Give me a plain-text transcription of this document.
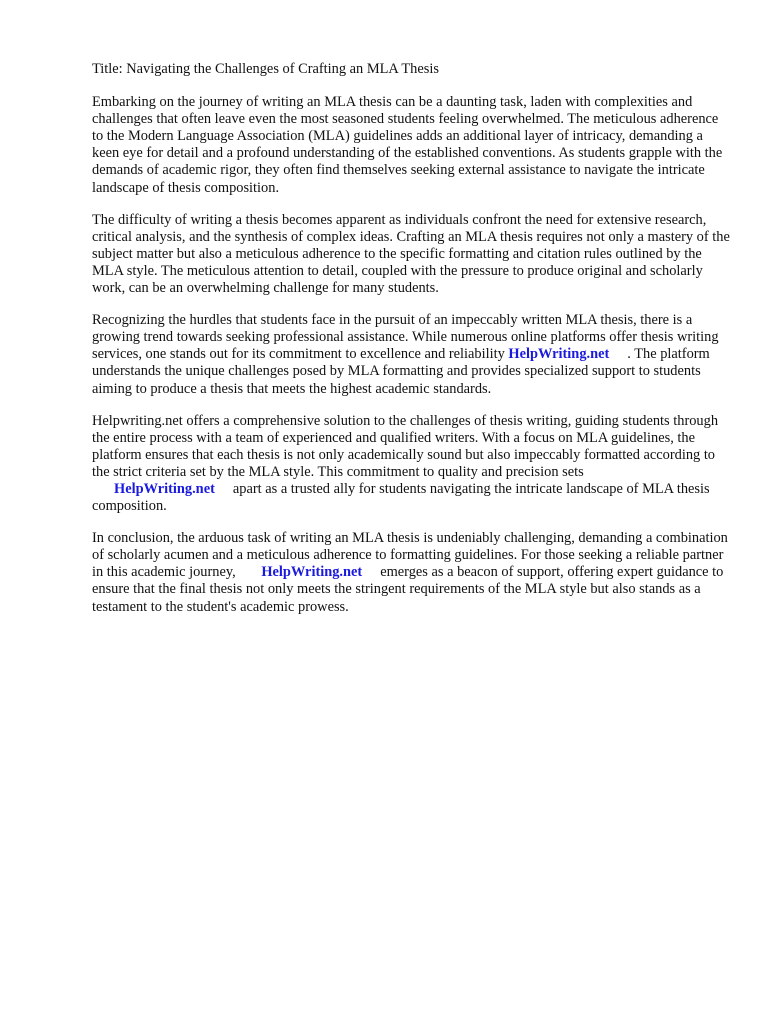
Title: Navigating the Challenges of Crafting an MLA Thesis

Embarking on the journey of writing an MLA thesis can be a daunting task, laden with complexities and challenges that often leave even the most seasoned students feeling overwhelmed. The meticulous adherence to the Modern Language Association (MLA) guidelines adds an additional layer of intricacy, demanding a keen eye for detail and a profound understanding of the established conventions. As students grapple with the demands of academic rigor, they often find themselves seeking external assistance to navigate the intricate landscape of thesis composition.

The difficulty of writing a thesis becomes apparent as individuals confront the need for extensive research, critical analysis, and the synthesis of complex ideas. Crafting an MLA thesis requires not only a mastery of the subject matter but also a meticulous adherence to the specific formatting and citation rules outlined by the MLA style. The meticulous attention to detail, coupled with the pressure to produce original and scholarly work, can be an overwhelming challenge for many students.

Recognizing the hurdles that students face in the pursuit of an impeccably written MLA thesis, there is a growing trend towards seeking professional assistance. While numerous online platforms offer thesis writing services, one stands out for its commitment to excellence and reliability HelpWriting.net . The platform understands the unique challenges posed by MLA formatting and provides specialized support to students aiming to produce a thesis that meets the highest academic standards.

Helpwriting.net offers a comprehensive solution to the challenges of thesis writing, guiding students through the entire process with a team of experienced and qualified writers. With a focus on MLA guidelines, the platform ensures that each thesis is not only academically sound but also impeccably formatted according to the strict criteria set by the MLA style. This commitment to quality and precision sets HelpWriting.net apart as a trusted ally for students navigating the intricate landscape of MLA thesis composition.

In conclusion, the arduous task of writing an MLA thesis is undeniably challenging, demanding a combination of scholarly acumen and a meticulous adherence to formatting guidelines. For those seeking a reliable partner in this academic journey, HelpWriting.net emerges as a beacon of support, offering expert guidance to ensure that the final thesis not only meets the stringent requirements of the MLA style but also stands as a testament to the student's academic prowess.
